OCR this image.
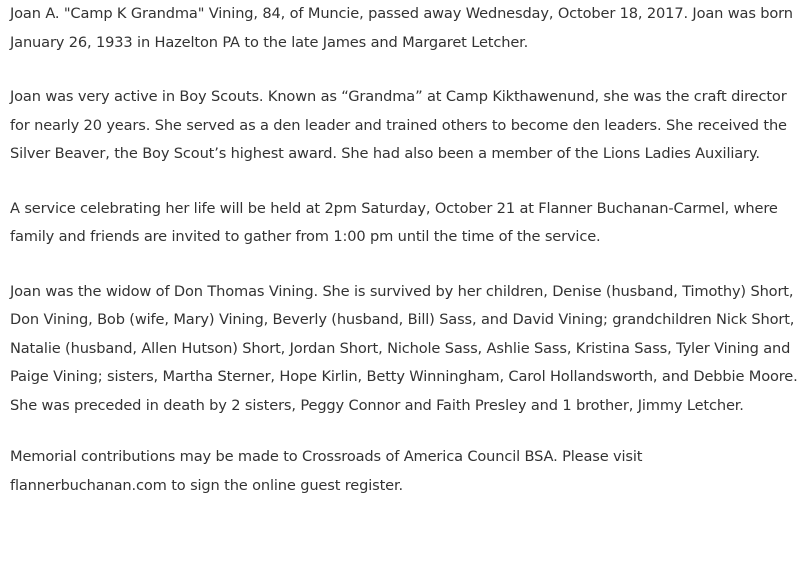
Joan A. "Camp K Grandma" Vining, 84, of Muncie, passed away Wednesday, October 18, 2017. Joan was born January 26, 1933 in Hazelton PA to the late James and Margaret Letcher.

Joan was very active in Boy Scouts. Known as “Grandma” at Camp Kikthawenund, she was the craft director for nearly 20 years. She served as a den leader and trained others to become den leaders. She received the Silver Beaver, the Boy Scout’s highest award. She had also been a member of the Lions Ladies Auxiliary.

A service celebrating her life will be held at 2pm Saturday, October 21 at Flanner Buchanan-Carmel, where family and friends are invited to gather from 1:00 pm until the time of the service.

Joan was the widow of Don Thomas Vining. She is survived by her children, Denise (husband, Timothy) Short, Don Vining, Bob (wife, Mary) Vining, Beverly (husband, Bill) Sass, and David Vining; grandchildren Nick Short, Natalie (husband, Allen Hutson) Short, Jordan Short, Nichole Sass, Ashlie Sass, Kristina Sass, Tyler Vining and Paige Vining; sisters, Martha Sterner, Hope Kirlin, Betty Winningham, Carol Hollandsworth, and Debbie Moore. She was preceded in death by 2 sisters, Peggy Connor and Faith Presley and 1 brother, Jimmy Letcher.

Memorial contributions may be made to Crossroads of America Council BSA. Please visit flannerbuchanan.com to sign the online guest register.
